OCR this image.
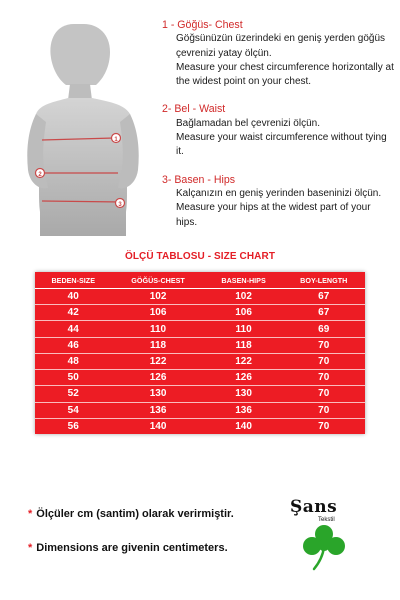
1
2
3

1 - Göğüs- Chest

Göğsünüzün üzerindeki en geniş yerden göğüs çevrenizi yatay ölçün.

Measure your chest circumference horizontally at the widest point on your chest.

2- Bel - Waist

Bağlamadan bel çevrenizi ölçün.

Measure your waist circumference without tying it.

3- Basen - Hips

Kalçanızın en geniş yerinden baseninizi ölçün.

Measure your hips at the widest part of your hips.

ÖLÇÜ TABLOSU - SIZE CHART
BEDEN-SIZE	GÖĞÜS-CHEST	BASEN-HIPS	BOY-LENGTH
40	102	102	67
42	106	106	67
44	110	110	69
46	118	118	70
48	122	122	70
50	126	126	70
52	130	130	70
54	136	136	70
56	140	140	70
* Ölçüler cm (santim) olarak verirmiştir.
* Dimensions are givenin centimeters.
Şans
Tekstil
